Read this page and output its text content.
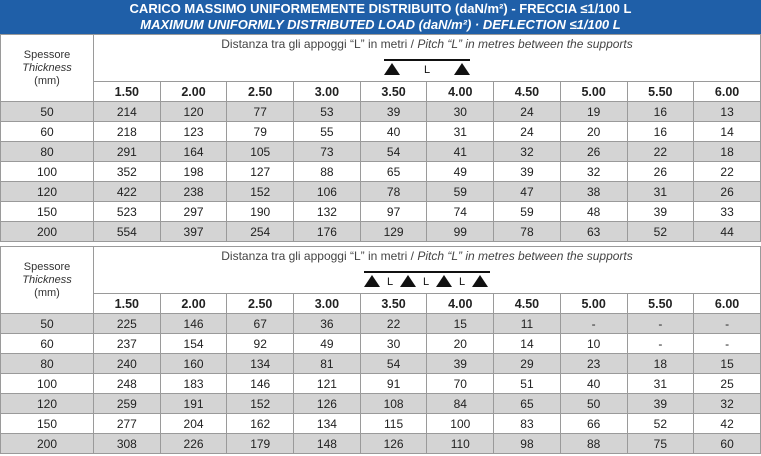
CARICO MASSIMO UNIFORMEMENTE DISTRIBUITO (daN/m²) - FRECCIA ≤1/100 L
MAXIMUM UNIFORMLY DISTRIBUTED LOAD (daN/m²) · DEFLECTION ≤1/100 L
Spessore
Thickness
(mm)	Distanza tra gli appoggi “L” in metri / Pitch “L” in metres between the supports
L									

	1.50	2.00	2.50	3.00	3.50	4.00	4.50	5.00	5.50	6.00
50	214	120	77	53	39	30	24	19	16	13
60	218	123	79	55	40	31	24	20	16	14
80	291	164	105	73	54	41	32	26	22	18
100	352	198	127	88	65	49	39	32	26	22
120	422	238	152	106	78	59	47	38	31	26
150	523	297	190	132	97	74	59	48	39	33
200	554	397	254	176	129	99	78	63	52	44
Spessore
Thickness
(mm)	Distanza tra gli appoggi “L” in metri / Pitch “L” in metres between the supports
L L L									

	1.50	2.00	2.50	3.00	3.50	4.00	4.50	5.00	5.50	6.00
50	225	146	67	36	22	15	11	-	-	-
60	237	154	92	49	30	20	14	10	-	-
80	240	160	134	81	54	39	29	23	18	15
100	248	183	146	121	91	70	51	40	31	25
120	259	191	152	126	108	84	65	50	39	32
150	277	204	162	134	115	100	83	66	52	42
200	308	226	179	148	126	110	98	88	75	60
